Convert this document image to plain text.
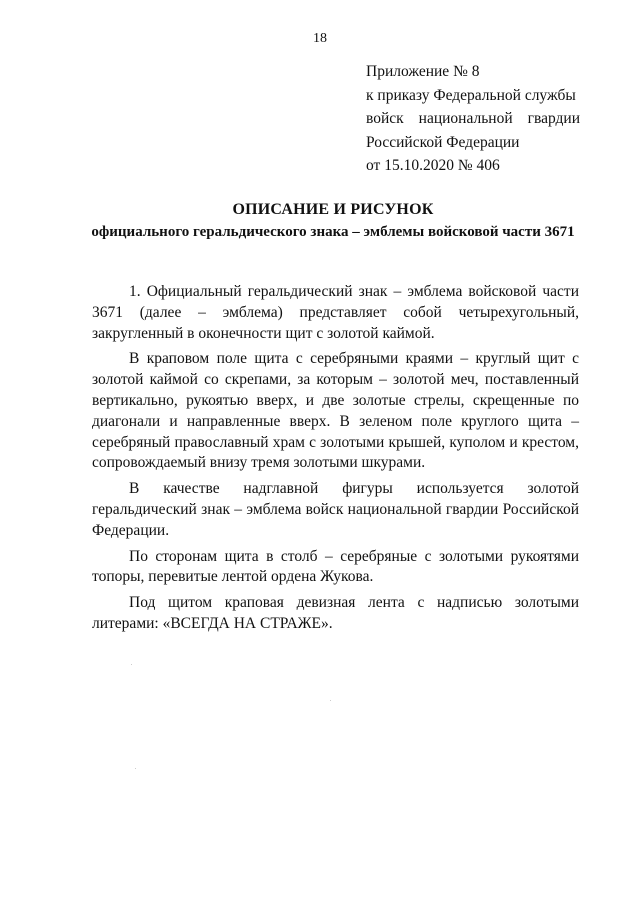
18
Приложение № 8
к приказу Федеральной службы
войск национальной гвардии
Российской Федерации
от 15.10.2020 № 406
ОПИСАНИЕ И РИСУНОК
официального геральдического знака – эмблемы войсковой части 3671

1. Официальный геральдический знак – эмблема войсковой части 3671 (далее – эмблема) представляет собой четырехугольный, закругленный в оконечности щит с золотой каймой.

В краповом поле щита с серебряными краями – круглый щит с золотой каймой со скрепами, за которым – золотой меч, поставленный вертикально, рукоятью вверх, и две золотые стрелы, скрещенные по диагонали и направленные вверх. В зеленом поле круглого щита – серебряный православный храм с золотыми крышей, куполом и крестом, сопровождаемый внизу тремя золотыми шкурами.

В качестве надглавной фигуры используется золотой геральдический знак – эмблема войск национальной гвардии Российской Федерации.

По сторонам щита в столб – серебряные с золотыми рукоятями топоры, перевитые лентой ордена Жукова.

Под щитом краповая девизная лента с надписью золотыми литерами: «ВСЕГДА НА СТРАЖЕ».
